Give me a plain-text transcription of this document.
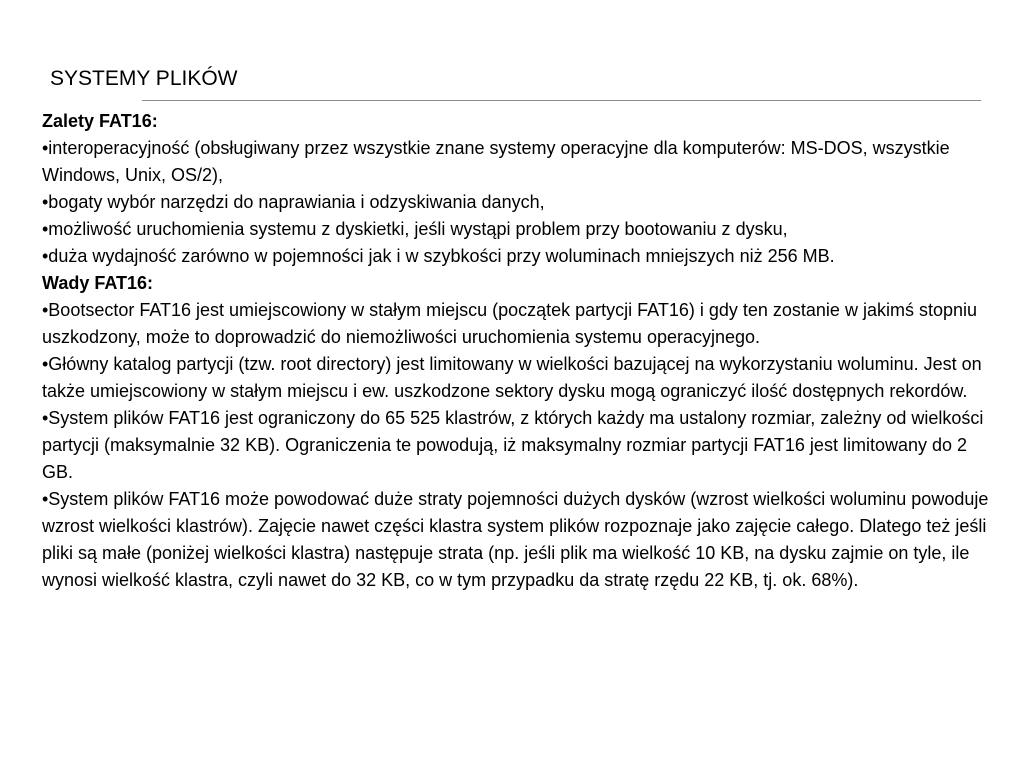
SYSTEMY PLIKÓW

Zalety FAT16:

•interoperacyjność (obsługiwany przez wszystkie znane systemy operacyjne dla komputerów: MS-DOS, wszystkie Windows, Unix, OS/2),

•bogaty wybór narzędzi do naprawiania i odzyskiwania danych,

•możliwość uruchomienia systemu z dyskietki, jeśli wystąpi problem przy bootowaniu z dysku,

•duża wydajność zarówno w pojemności jak i w szybkości przy woluminach mniejszych niż 256 MB.

Wady FAT16:

•Bootsector FAT16 jest umiejscowiony w stałym miejscu (początek partycji FAT16) i gdy ten zostanie w jakimś stopniu uszkodzony, może to doprowadzić do niemożliwości uruchomienia systemu operacyjnego.

•Główny katalog partycji (tzw. root directory) jest limitowany w wielkości bazującej na wykorzystaniu woluminu. Jest on także umiejscowiony w stałym miejscu i ew. uszkodzone sektory dysku mogą ograniczyć ilość dostępnych rekordów.

•System plików FAT16 jest ograniczony do 65 525 klastrów, z których każdy ma ustalony rozmiar, zależny od wielkości partycji (maksymalnie 32 KB). Ograniczenia te powodują, iż maksymalny rozmiar partycji FAT16 jest limitowany do 2 GB.

•System plików FAT16 może powodować duże straty pojemności dużych dysków (wzrost wielkości woluminu powoduje wzrost wielkości klastrów). Zajęcie nawet części klastra system plików rozpoznaje jako zajęcie całego. Dlatego też jeśli pliki są małe (poniżej wielkości klastra) następuje strata (np. jeśli plik ma wielkość 10 KB, na dysku zajmie on tyle, ile wynosi wielkość klastra, czyli nawet do 32 KB, co w tym przypadku da stratę rzędu 22 KB, tj. ok. 68%).
